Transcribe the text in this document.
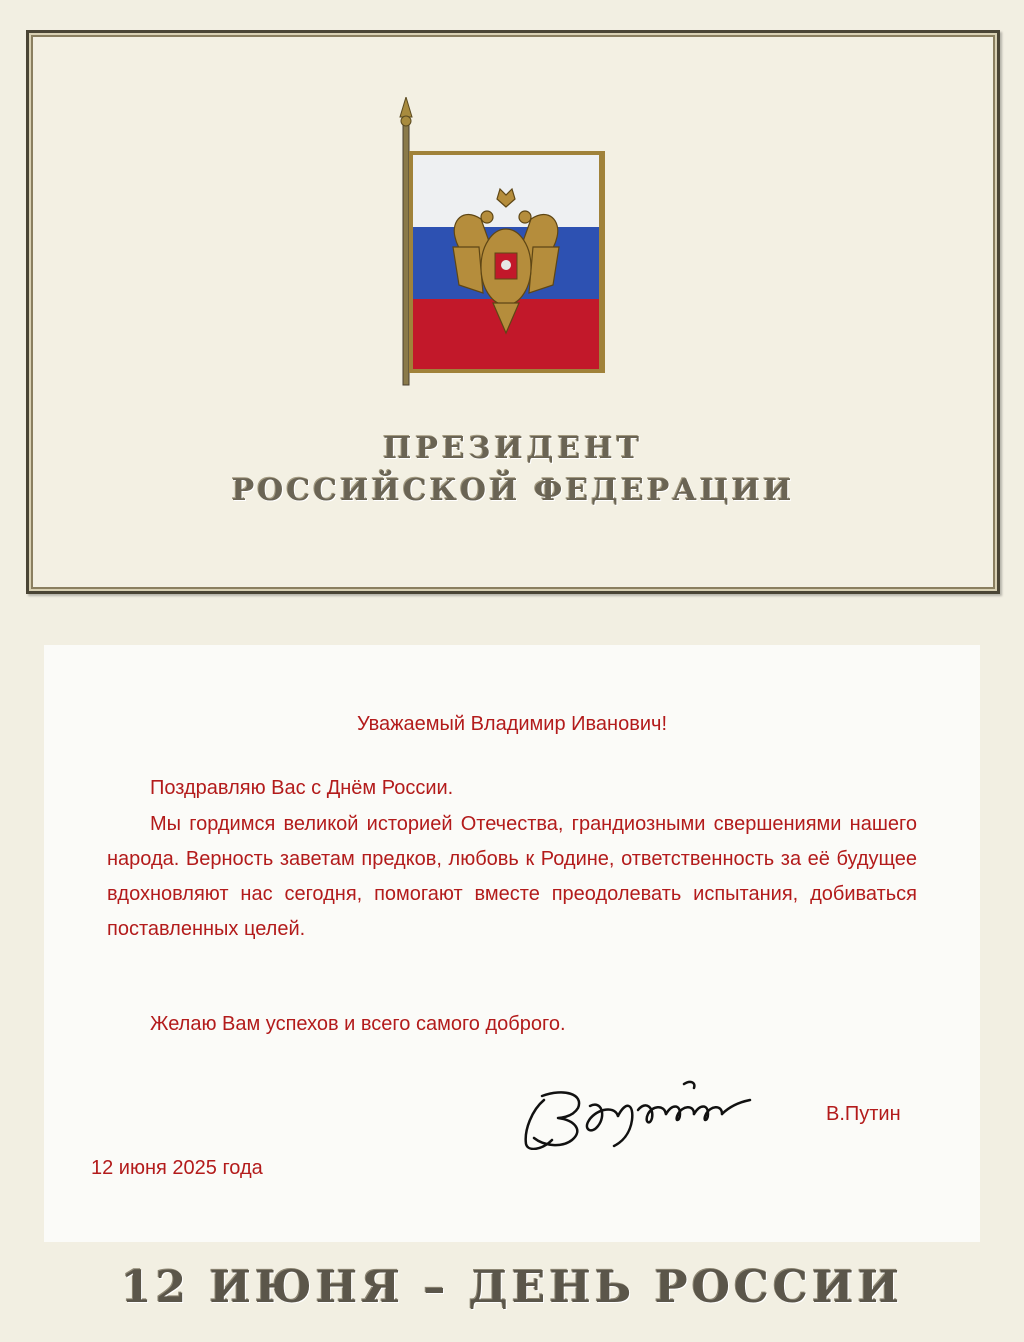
ПРЕЗИДЕНТ
РОССИЙСКОЙ ФЕДЕРАЦИИ
Уважаемый Владимир Иванович!
Поздравляю Вас с Днём России.
Мы гордимся великой историей Отечества, грандиозными свершениями нашего народа. Верность заветам предков, любовь к Родине, ответственность за её будущее вдохновляют нас сегодня, помогают вместе преодолевать испытания, добиваться поставленных целей.
Желаю Вам успехов и всего самого доброго.
В.Путин
12 июня 2025 года
12 ИЮНЯ – ДЕНЬ РОССИИ
